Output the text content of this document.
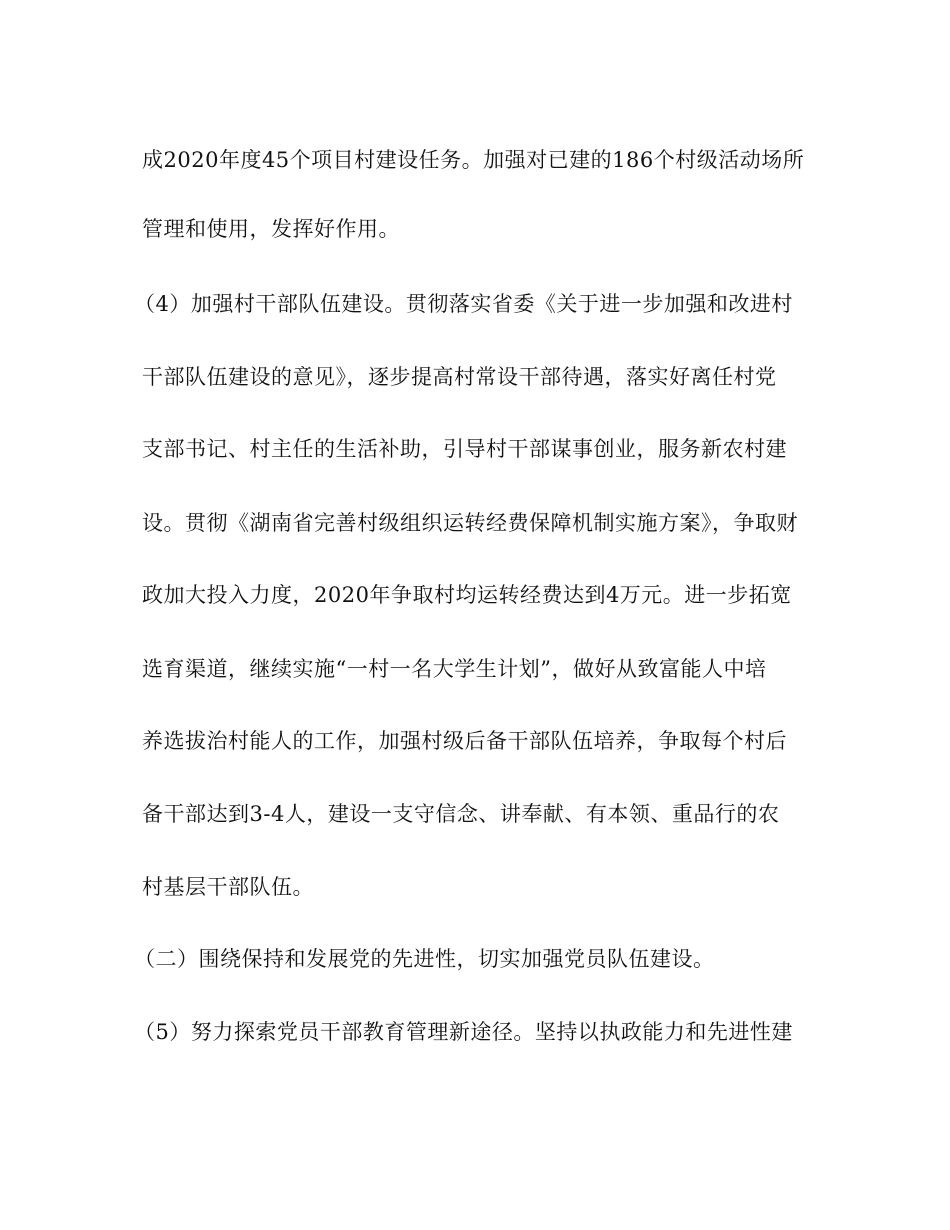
成2020年度45个项目村建设任务。加强对已建的186个村级活动场所
管理和使用，发挥好作用。
（4）加强村干部队伍建设。贯彻落实省委《关于进一步加强和改进村
干部队伍建设的意见》，逐步提高村常设干部待遇，落实好离任村党
支部书记、村主任的生活补助，引导村干部谋事创业，服务新农村建
设。贯彻《湖南省完善村级组织运转经费保障机制实施方案》，争取财
政加大投入力度，2020年争取村均运转经费达到4万元。进一步拓宽
选育渠道，继续实施“一村一名大学生计划”，做好从致富能人中培
养选拔治村能人的工作，加强村级后备干部队伍培养，争取每个村后
备干部达到3-4人，建设一支守信念、讲奉献、有本领、重品行的农
村基层干部队伍。
（二）围绕保持和发展党的先进性，切实加强党员队伍建设。
（5）努力探索党员干部教育管理新途径。坚持以执政能力和先进性建
